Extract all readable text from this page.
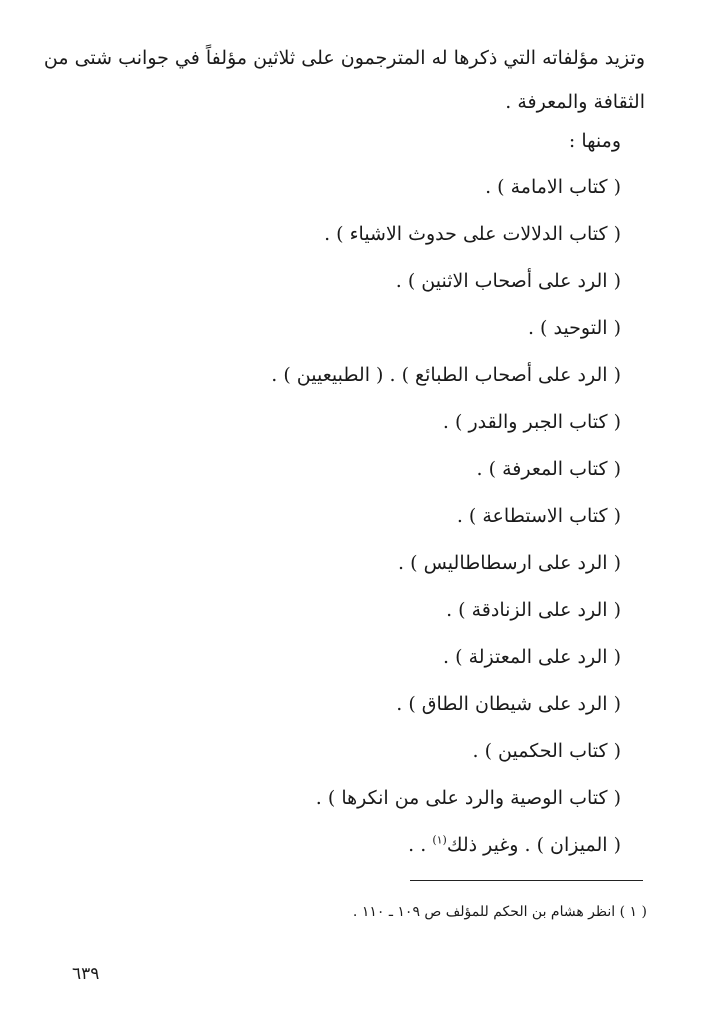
وتزيد مؤلفاته التي ذكرها له المترجمون على ثلاثين مؤلفاً في جوانب شتى من
الثقافة والمعرفة .

ومنها :

( كتاب الامامة ) .
( كتاب الدلالات على حدوث الاشياء ) .
( الرد على أصحاب الاثنين ) .
( التوحيد ) .
( الرد على أصحاب الطبائع ) . ( الطبيعيين ) .
( كتاب الجبر والقدر ) .
( كتاب المعرفة ) .
( كتاب الاستطاعة ) .
( الرد على ارسطاطاليس ) .
( الرد على الزنادقة ) .
( الرد على المعتزلة ) .
( الرد على شيطان الطاق ) .
( كتاب الحكمين ) .
( كتاب الوصية والرد على من انكرها ) .
( الميزان ) . وغير ذلك$^{(١)}$ . .

( ١ ) انظر هشام بن الحكم للمؤلف ص ١٠٩ ـ ١١٠ .

٦٣٩
